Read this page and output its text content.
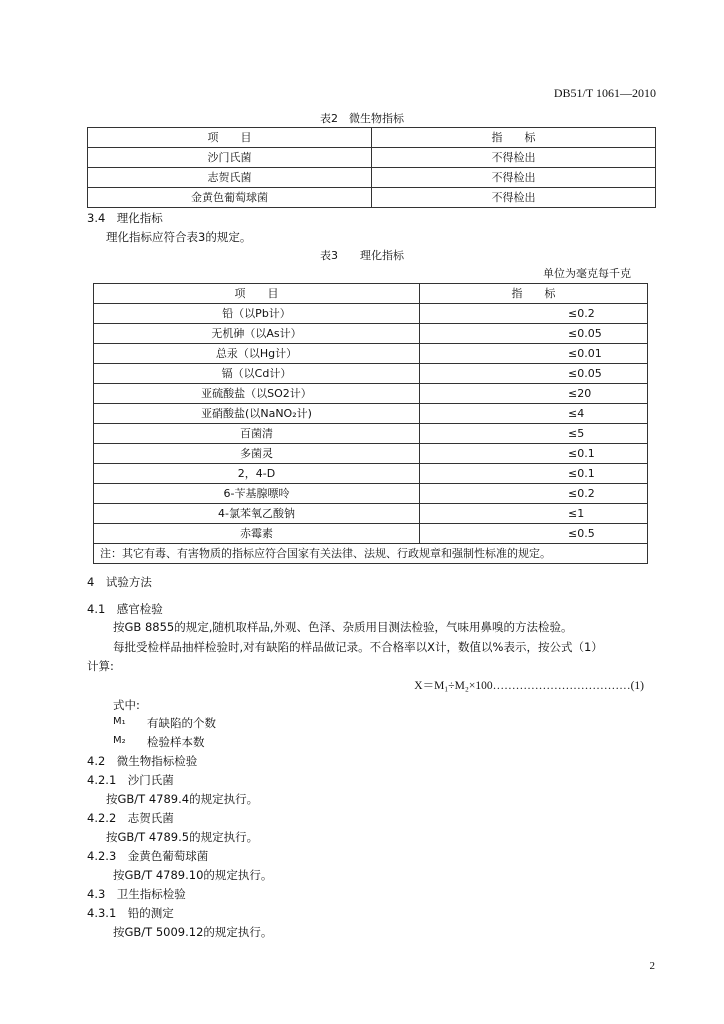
DB51/T 1061—2010
表2　微生物指标
项　　目	指　　标
沙门氏菌	不得检出
志贺氏菌	不得检出
金黄色葡萄球菌	不得检出
3.4　理化指标
理化指标应符合表3的规定。
表3　　理化指标
单位为毫克每千克
项　　目	指　　标
铅（以Pb计）	≤0.2
无机砷（以As计）	≤0.05
总汞（以Hg计）	≤0.01
镉（以Cd计）	≤0.05
亚硫酸盐（以SO2计）	≤20
亚硝酸盐(以NaNO₂计)	≤4
百菌清	≤5
多菌灵	≤0.1
2，4-D	≤0.1
6-苄基腺嘌呤	≤0.2
4-氯苯氧乙酸钠	≤1
赤霉素	≤0.5
注：其它有毒、有害物质的指标应符合国家有关法律、法规、行政规章和强制性标准的规定。	
4　试验方法
4.1　感官检验
按GB 8855的规定,随机取样品,外观、色泽、杂质用目测法检验，气味用鼻嗅的方法检验。
每批受检样品抽样检验时,对有缺陷的样品做记录。不合格率以X计，数值以%表示，按公式（1）
计算:
X＝M₁÷M₂×100………………………………(1)
式中:
M₁ 有缺陷的个数
M₂ 检验样本数
4.2　微生物指标检验
4.2.1　沙门氏菌
按GB/T 4789.4的规定执行。
4.2.2　志贺氏菌
按GB/T 4789.5的规定执行。
4.2.3　金黄色葡萄球菌
按GB/T 4789.10的规定执行。
4.3　卫生指标检验
4.3.1　铅的测定
按GB/T 5009.12的规定执行。
2
